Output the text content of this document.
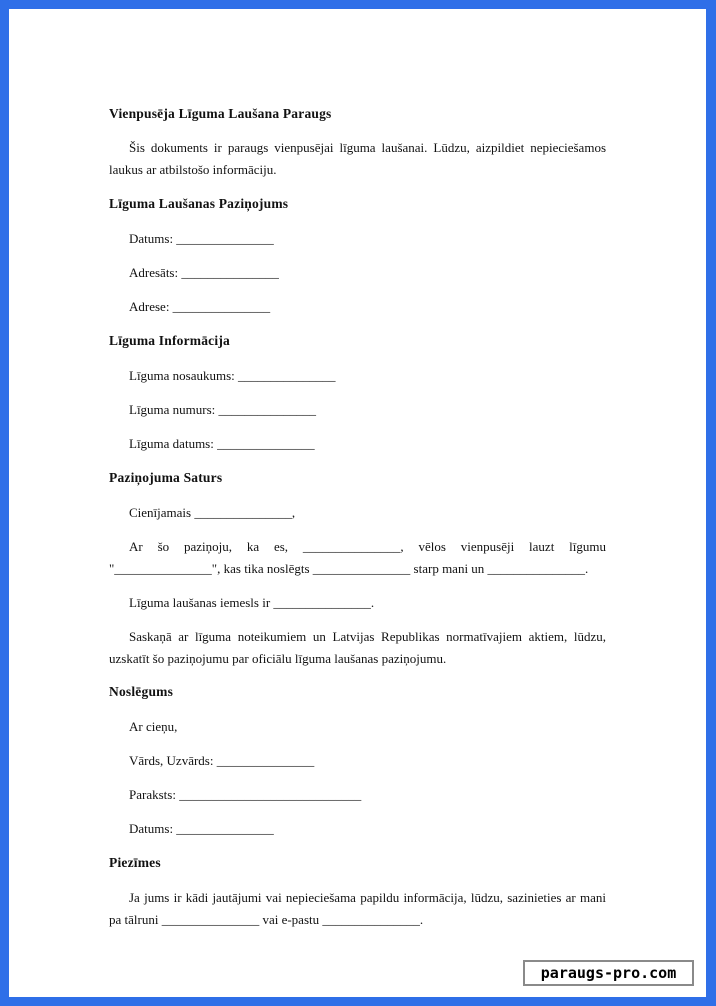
Vienpusēja Līguma Laušana Paraugs
Šis dokuments ir paraugs vienpusējai līguma laušanai. Lūdzu, aizpildiet nepieciešamos laukus ar atbilstošo informāciju.
Līguma Laušanas Paziņojums
Datums: _______________
Adresāts: _______________
Adrese: _______________
Līguma Informācija
Līguma nosaukums: _______________
Līguma numurs: _______________
Līguma datums: _______________
Paziņojuma Saturs
Cienījamais _______________,
Ar šo paziņoju, ka es, _______________, vēlos vienpusēji lauzt līgumu "_______________", kas tika noslēgts _______________ starp mani un _______________.
Līguma laušanas iemesls ir _______________.
Saskaņā ar līguma noteikumiem un Latvijas Republikas normatīvajiem aktiem, lūdzu, uzskatīt šo paziņojumu par oficiālu līguma laušanas paziņojumu.
Noslēgums
Ar cieņu,
Vārds, Uzvārds: _______________
Paraksts: ____________________________
Datums: _______________
Piezīmes
Ja jums ir kādi jautājumi vai nepieciešama papildu informācija, lūdzu, sazinieties ar mani pa tālruni _______________ vai e-pastu _______________.
paraugs-pro.com
